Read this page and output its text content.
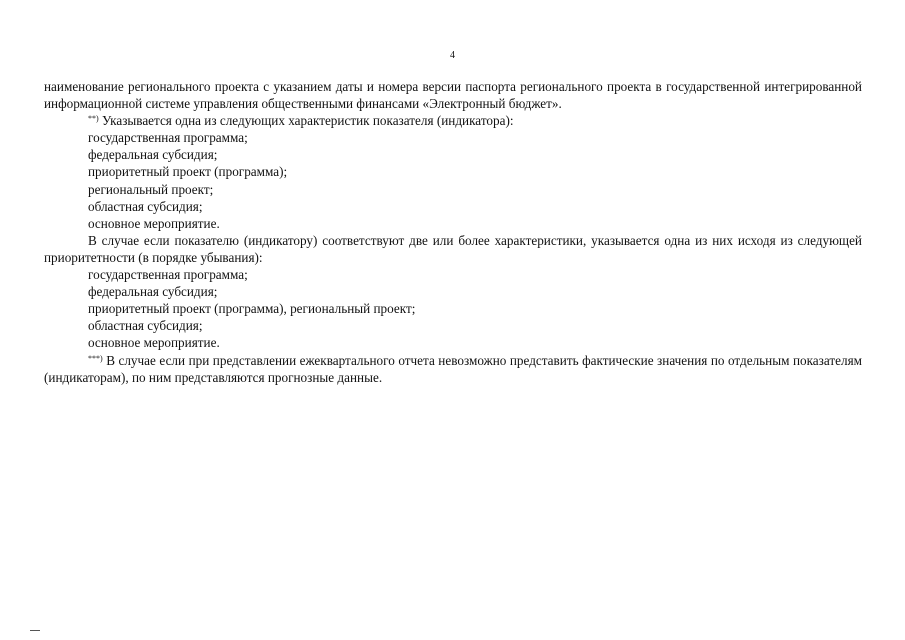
4

наименование регионального проекта с указанием даты и номера версии паспорта регионального проекта в государственной интегрированной информационной системе управления общественными финансами «Электронный бюджет».

**) Указывается одна из следующих характеристик показателя (индикатора):

государственная программа;

федеральная субсидия;

приоритетный проект (программа);

региональный проект;

областная субсидия;

основное мероприятие.

В случае если показателю (индикатору) соответствуют две или более характеристики, указывается одна из них исходя из следующей приоритетности (в порядке убывания):

государственная программа;

федеральная субсидия;

приоритетный проект (программа), региональный проект;

областная субсидия;

основное мероприятие.

***) В случае если при представлении ежеквартального отчета невозможно представить фактические значения по отдельным показателям (индикаторам), по ним представляются прогнозные данные.
